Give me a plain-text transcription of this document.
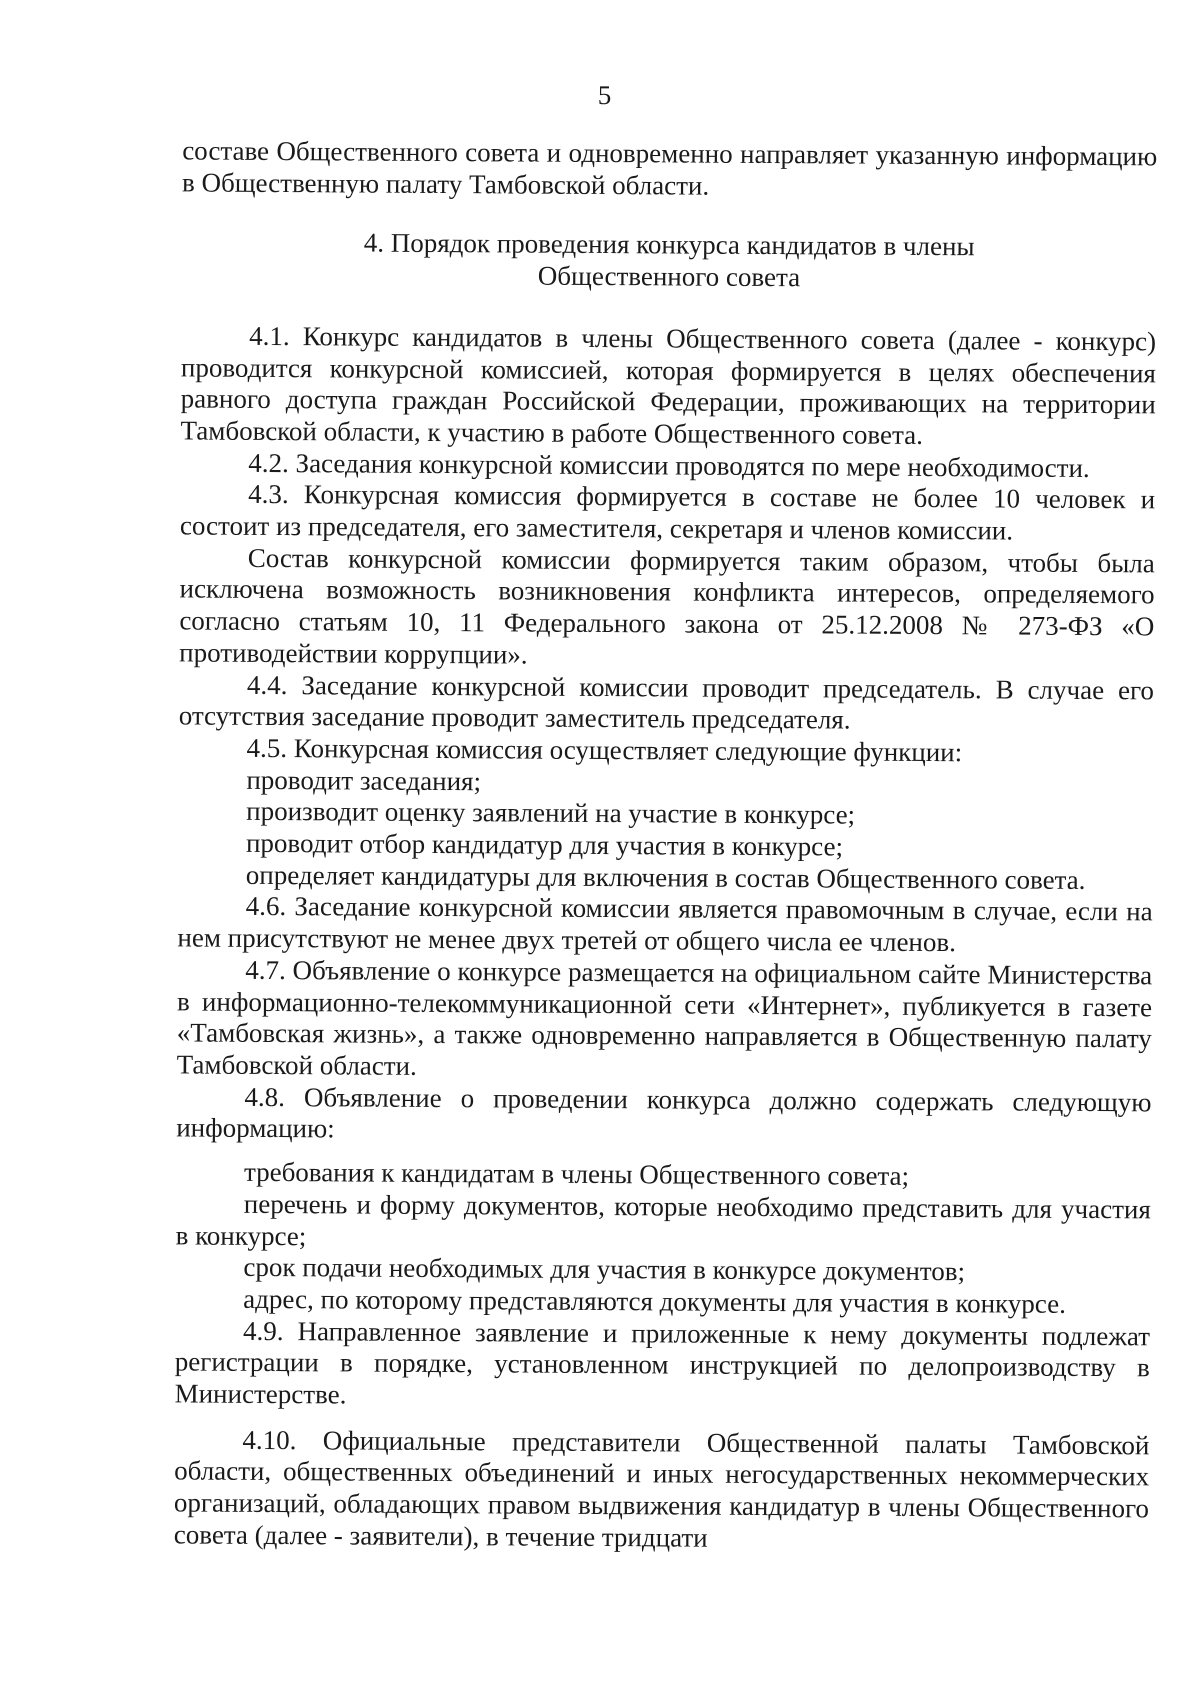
5

составе Общественного совета и одновременно направляет указанную информацию в Общественную палату Тамбовской области.

4. Порядок проведения конкурса кандидатов в члены
Общественного совета

4.1. Конкурс кандидатов в члены Общественного совета (далее - конкурс) проводится конкурсной комиссией, которая формируется в целях обеспечения равного доступа граждан Российской Федерации, проживающих на территории Тамбовской области, к участию в работе Общественного совета.

4.2. Заседания конкурсной комиссии проводятся по мере необходимости.

4.3. Конкурсная комиссия формируется в составе не более 10 человек и состоит из председателя, его заместителя, секретаря и членов комиссии.

Состав конкурсной комиссии формируется таким образом, чтобы была исключена возможность возникновения конфликта интересов, определяемого согласно статьям 10, 11 Федерального закона от 25.12.2008 № 273-ФЗ «О противодействии коррупции».

4.4. Заседание конкурсной комиссии проводит председатель. В случае его отсутствия заседание проводит заместитель председателя.

4.5. Конкурсная комиссия осуществляет следующие функции:

проводит заседания;

производит оценку заявлений на участие в конкурсе;

проводит отбор кандидатур для участия в конкурсе;

определяет кандидатуры для включения в состав Общественного совета.

4.6. Заседание конкурсной комиссии является правомочным в случае, если на нем присутствуют не менее двух третей от общего числа ее членов.

4.7. Объявление о конкурсе размещается на официальном сайте Министерства в информационно-телекоммуникационной сети «Интернет», публикуется в газете «Тамбовская жизнь», а также одновременно направляется в Общественную палату Тамбовской области.

4.8. Объявление о проведении конкурса должно содержать следующую информацию:

требования к кандидатам в члены Общественного совета;

перечень и форму документов, которые необходимо представить для участия в конкурсе;

срок подачи необходимых для участия в конкурсе документов;

адрес, по которому представляются документы для участия в конкурсе.

4.9. Направленное заявление и приложенные к нему документы подлежат регистрации в порядке, установленном инструкцией по делопроизводству в Министерстве.

4.10. Официальные представители Общественной палаты Тамбовской области, общественных объединений и иных негосударственных некоммерческих организаций, обладающих правом выдвижения кандидатур в члены Общественного совета (далее - заявители), в течение тридцати
